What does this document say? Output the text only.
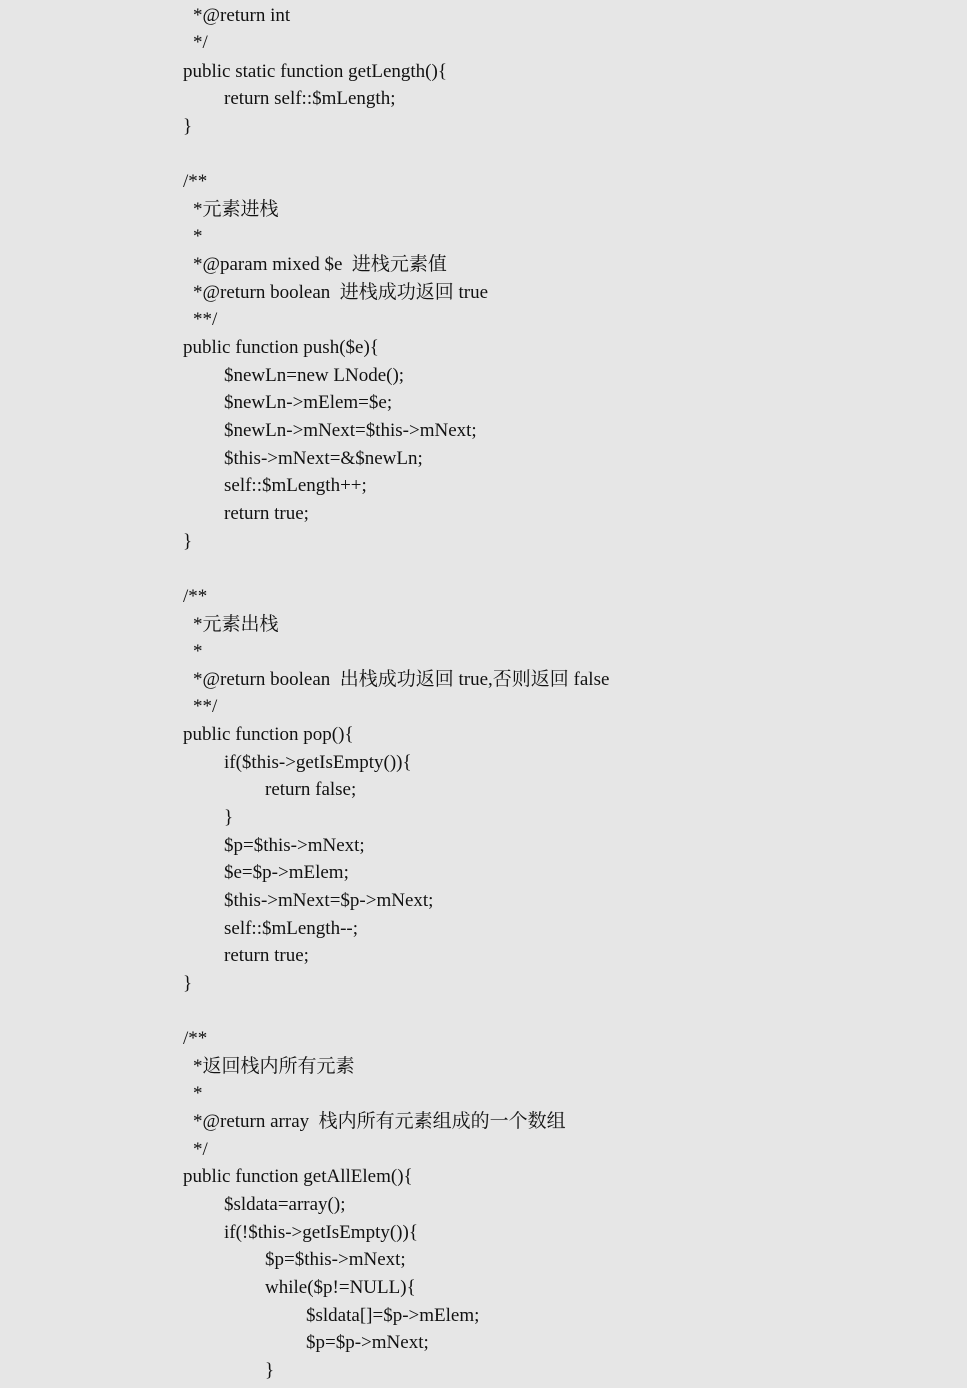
*@return int

*/

public static function getLength(){

return self::$mLength;

}

/**

*元素进栈

*

*@param mixed $e  进栈元素值

*@return boolean  进栈成功返回 true

**/

public function push($e){

$newLn=new LNode();

$newLn->mElem=$e;

$newLn->mNext=$this->mNext;

$this->mNext=&$newLn;

self::$mLength++;

return true;

}

/**

*元素出栈

*

*@return boolean  出栈成功返回 true,否则返回 false

**/

public function pop(){

if($this->getIsEmpty()){

return false;

}

$p=$this->mNext;

$e=$p->mElem;

$this->mNext=$p->mNext;

self::$mLength--;

return true;

}

/**

*返回栈内所有元素

*

*@return array  栈内所有元素组成的一个数组

*/

public function getAllElem(){

$sldata=array();

if(!$this->getIsEmpty()){

$p=$this->mNext;

while($p!=NULL){

$sldata[]=$p->mElem;

$p=$p->mNext;

}
